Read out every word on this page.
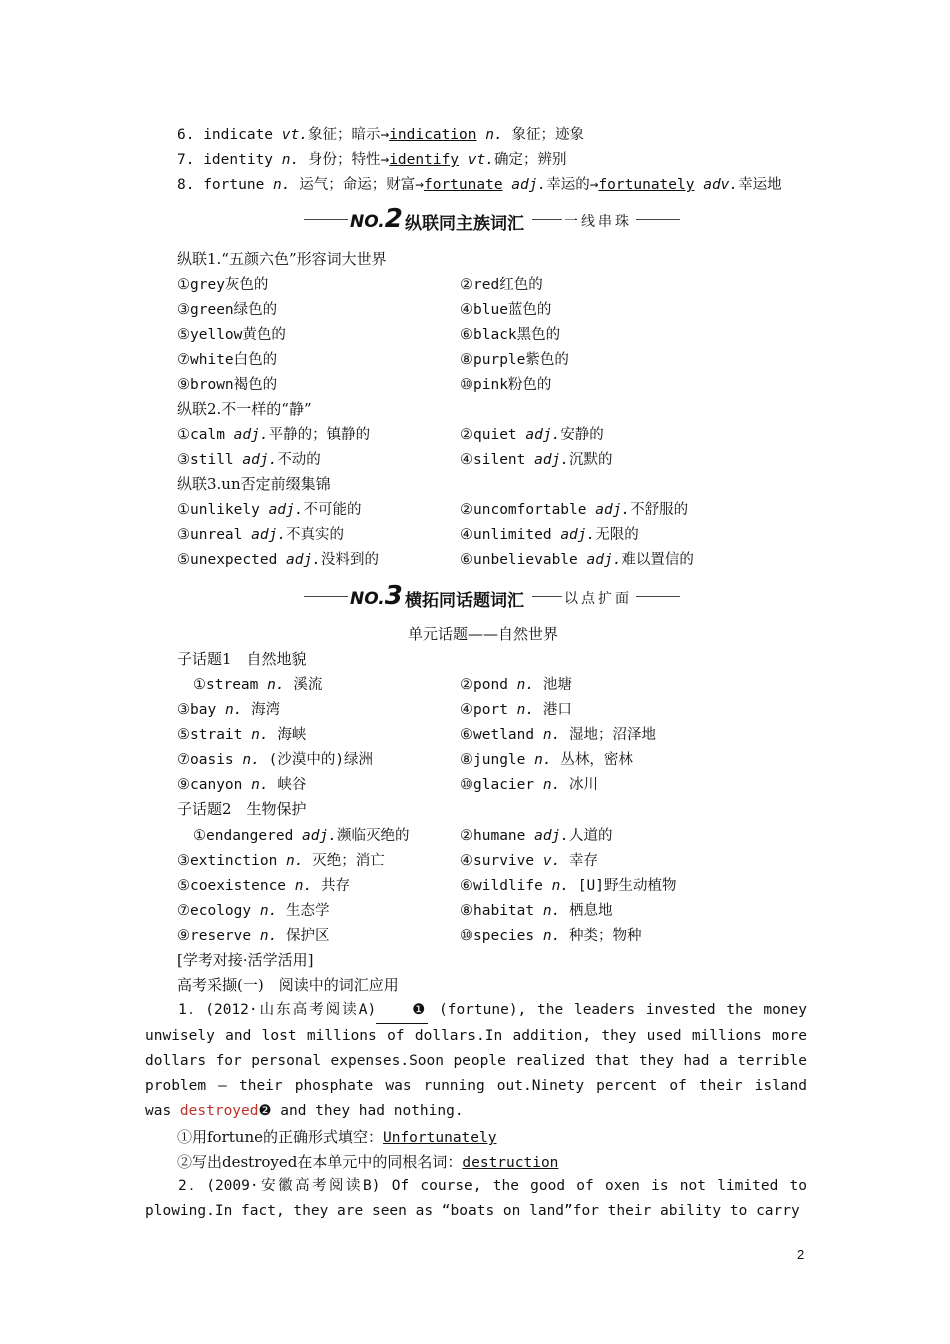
6. indicate vt.象征；暗示→indication n. 象征；迹象
7. identity n. 身份；特性→identify vt.确定；辨别
8. fortune n. 运气；命运；财富→fortunate adj.幸运的→fortunately adv.幸运地
NO.2 纵联同主族词汇	一线串珠
纵联1.“五颜六色”形容词大世界
①grey灰色的	②red红色的
③green绿色的	④blue蓝色的
⑤yellow黄色的	⑥black黑色的
⑦white白色的	⑧purple紫色的
⑨brown褐色的	⑩pink粉色的
纵联2.不一样的“静”
①calm adj.平静的；镇静的	②quiet adj.安静的
③still adj.不动的	④silent adj.沉默的
纵联3.un否定前缀集锦
①unlikely adj.不可能的	②uncomfortable adj.不舒服的
③unreal adj.不真实的	④unlimited adj.无限的
⑤unexpected adj.没料到的	⑥unbelievable adj.难以置信的
NO.3 横拓同话题词汇	以点扩面
单元话题——自然世界
子话题1　自然地貌
①stream n. 溪流	②pond n. 池塘
③bay n. 海湾	④port n. 港口
⑤strait n. 海峡	⑥wetland n. 湿地；沼泽地
⑦oasis n. (沙漠中的)绿洲	⑧jungle n. 丛林，密林
⑨canyon n. 峡谷	⑩glacier n. 冰川
子话题2　生物保护
①endangered adj.濒临灭绝的	②humane adj.人道的
③extinction n. 灭绝；消亡	④survive v. 幸存
⑤coexistence n. 共存	⑥wildlife n. [U]野生动植物
⑦ecology n. 生态学	⑧habitat n. 栖息地
⑨reserve n. 保护区	⑩species n. 种类；物种
[学考对接·活学活用]
高考采撷(一)　阅读中的词汇应用
1．(2012·山东高考阅读A) ❶ (fortune), the leaders invested the money unwisely and lost millions of dollars.In addition, they used millions more dollars for personal expenses.Soon people realized that they had a terrible problem — their phosphate was running out.Ninety percent of their island was destroyed❷ and they had nothing.
①用fortune的正确形式填空：Unfortunately
②写出destroyed在本单元中的同根名词：destruction
2．(2009·安徽高考阅读B) Of course, the good of oxen is not limited to plowing.In fact, they are seen as “boats on land”for their ability to carry
2
